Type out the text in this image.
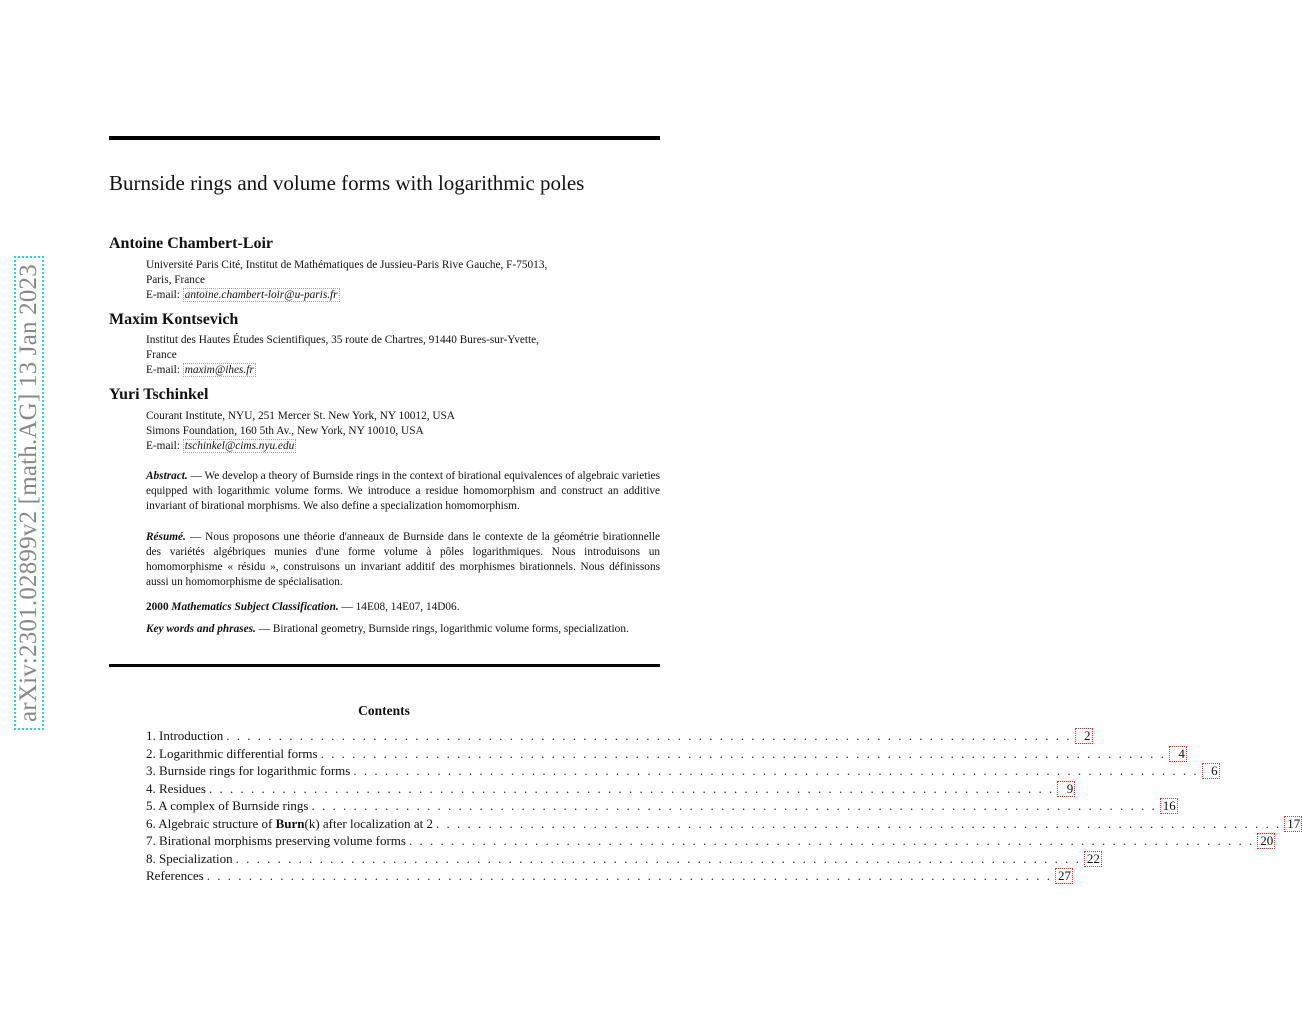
arXiv:2301.02899v2 [math.AG] 13 Jan 2023
Burnside rings and volume forms with logarithmic poles
Antoine Chambert-Loir
Université Paris Cité, Institut de Mathématiques de Jussieu-Paris Rive Gauche, F-75013,
Paris, France
E-mail: antoine.chambert-loir@u-paris.fr
Maxim Kontsevich
Institut des Hautes Études Scientifiques, 35 route de Chartres, 91440 Bures-sur-Yvette,
France
E-mail: maxim@ihes.fr
Yuri Tschinkel
Courant Institute, NYU, 251 Mercer St. New York, NY 10012, USA
Simons Foundation, 160 5th Av., New York, NY 10010, USA
E-mail: tschinkel@cims.nyu.edu
Abstract. — We develop a theory of Burnside rings in the context of birational equivalences of algebraic varieties equipped with logarithmic volume forms. We introduce a residue homomorphism and construct an additive invariant of birational morphisms. We also define a specialization homomorphism.
Résumé. — Nous proposons une théorie d'anneaux de Burnside dans le contexte de la géométrie birationnelle des variétés algébriques munies d'une forme volume à pôles logarithmiques. Nous introduisons un homomorphisme « résidu », construisons un invariant additif des morphismes birationnels. Nous définissons aussi un homomorphisme de spécialisation.
2000 Mathematics Subject Classification. — 14E08, 14E07, 14D06.
Key words and phrases. — Birational geometry, Burnside rings, logarithmic volume forms, specialization.
Contents
1. Introduction . . . . . . . . . . . . . . . . . . . . . . . . . . . . . . . . . . . . . . . . . . . . . . . . . . . . . . . . . . . . . . . . . . . . . . . . . . . . . . . . . 2
2. Logarithmic differential forms . . . . . . . . . . . . . . . . . . . . . . . . . . . . . . . . . . . . . . . . . . . . . . . . . . . . . . . . . . . . . . . . . . . . . . . . . . . . . . . . . 4
3. Burnside rings for logarithmic forms . . . . . . . . . . . . . . . . . . . . . . . . . . . . . . . . . . . . . . . . . . . . . . . . . . . . . . . . . . . . . . . . . . . . . . . . . . . . . . . . . 6
4. Residues . . . . . . . . . . . . . . . . . . . . . . . . . . . . . . . . . . . . . . . . . . . . . . . . . . . . . . . . . . . . . . . . . . . . . . . . . . . . . . . . . 9
5. A complex of Burnside rings . . . . . . . . . . . . . . . . . . . . . . . . . . . . . . . . . . . . . . . . . . . . . . . . . . . . . . . . . . . . . . . . . . . . . . . . . . . . . . . . . 16
6. Algebraic structure of Burn(k) after localization at 2 . . . . . . . . . . . . . . . . . . . . . . . . . . . . . . . . . . . . . . . . . . . . . . . . . . . . . . . . . . . . . . . . . . . . . . . . . . . . . . . . . 17
7. Birational morphisms preserving volume forms . . . . . . . . . . . . . . . . . . . . . . . . . . . . . . . . . . . . . . . . . . . . . . . . . . . . . . . . . . . . . . . . . . . . . . . . . . . . . . . . . 20
8. Specialization . . . . . . . . . . . . . . . . . . . . . . . . . . . . . . . . . . . . . . . . . . . . . . . . . . . . . . . . . . . . . . . . . . . . . . . . . . . . . . . . . 22
References . . . . . . . . . . . . . . . . . . . . . . . . . . . . . . . . . . . . . . . . . . . . . . . . . . . . . . . . . . . . . . . . . . . . . . . . . . . . . . . . . 27
